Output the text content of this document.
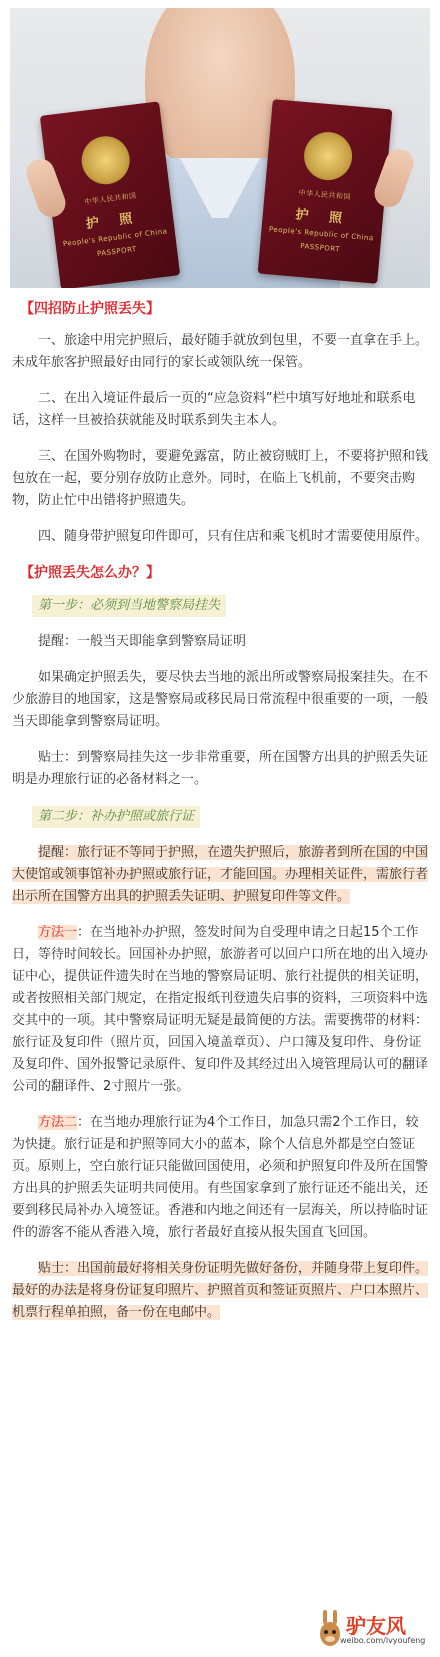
中华人民共和国
护 照
People's Republic of China
PASSPORT
中华人民共和国
护 照
People's Republic of China
PASSPORT
【四招防止护照丢失】

一、旅途中用完护照后，最好随手就放到包里，不要一直拿在手上。未成年旅客护照最好由同行的家长或领队统一保管。

二、在出入境证件最后一页的“应急资料”栏中填写好地址和联系电话，这样一旦被拾获就能及时联系到失主本人。

三、在国外购物时，要避免露富，防止被窃贼盯上，不要将护照和钱包放在一起，要分别存放防止意外。同时，在临上飞机前，不要突击购物，防止忙中出错将护照遗失。

四、随身带护照复印件即可，只有住店和乘飞机时才需要使用原件。

【护照丢失怎么办？】
第一步：必须到当地警察局挂失

提醒：一般当天即能拿到警察局证明

如果确定护照丢失，要尽快去当地的派出所或警察局报案挂失。在不少旅游目的地国家，这是警察局或移民局日常流程中很重要的一项，一般当天即能拿到警察局证明。

贴士：到警察局挂失这一步非常重要，所在国警方出具的护照丢失证明是办理旅行证的必备材料之一。

第二步：补办护照或旅行证

提醒：旅行证不等同于护照，在遗失护照后，旅游者到所在国的中国大使馆或领事馆补办护照或旅行证，才能回国。办理相关证件，需旅行者出示所在国警方出具的护照丢失证明、护照复印件等文件。

方法一：在当地补办护照，签发时间为自受理申请之日起15个工作日，等待时间较长。回国补办护照，旅游者可以回户口所在地的出入境办证中心，提供证件遗失时在当地的警察局证明、旅行社提供的相关证明，或者按照相关部门规定，在指定报纸刊登遗失启事的资料，三项资料中选交其中的一项。其中警察局证明无疑是最简便的方法。需要携带的材料：旅行证及复印件（照片页，回国入境盖章页）、户口簿及复印件、身份证及复印件、国外报警记录原件、复印件及其经过出入境管理局认可的翻译公司的翻译件、2寸照片一张。

方法二：在当地办理旅行证为4个工作日，加急只需2个工作日，较为快捷。旅行证是和护照等同大小的蓝本，除个人信息外都是空白签证页。原则上，空白旅行证只能做回国使用，必须和护照复印件及所在国警方出具的护照丢失证明共同使用。有些国家拿到了旅行证还不能出关，还要到移民局补办入境签证。香港和内地之间还有一层海关，所以持临时证件的游客不能从香港入境，旅行者最好直接从报失国直飞回国。

贴士：出国前最好将相关身份证明先做好备份，并随身带上复印件。最好的办法是将身份证复印照片、护照首页和签证页照片、户口本照片、机票行程单拍照，备一份在电邮中。

驴友风
weibo.com/lvyoufeng
